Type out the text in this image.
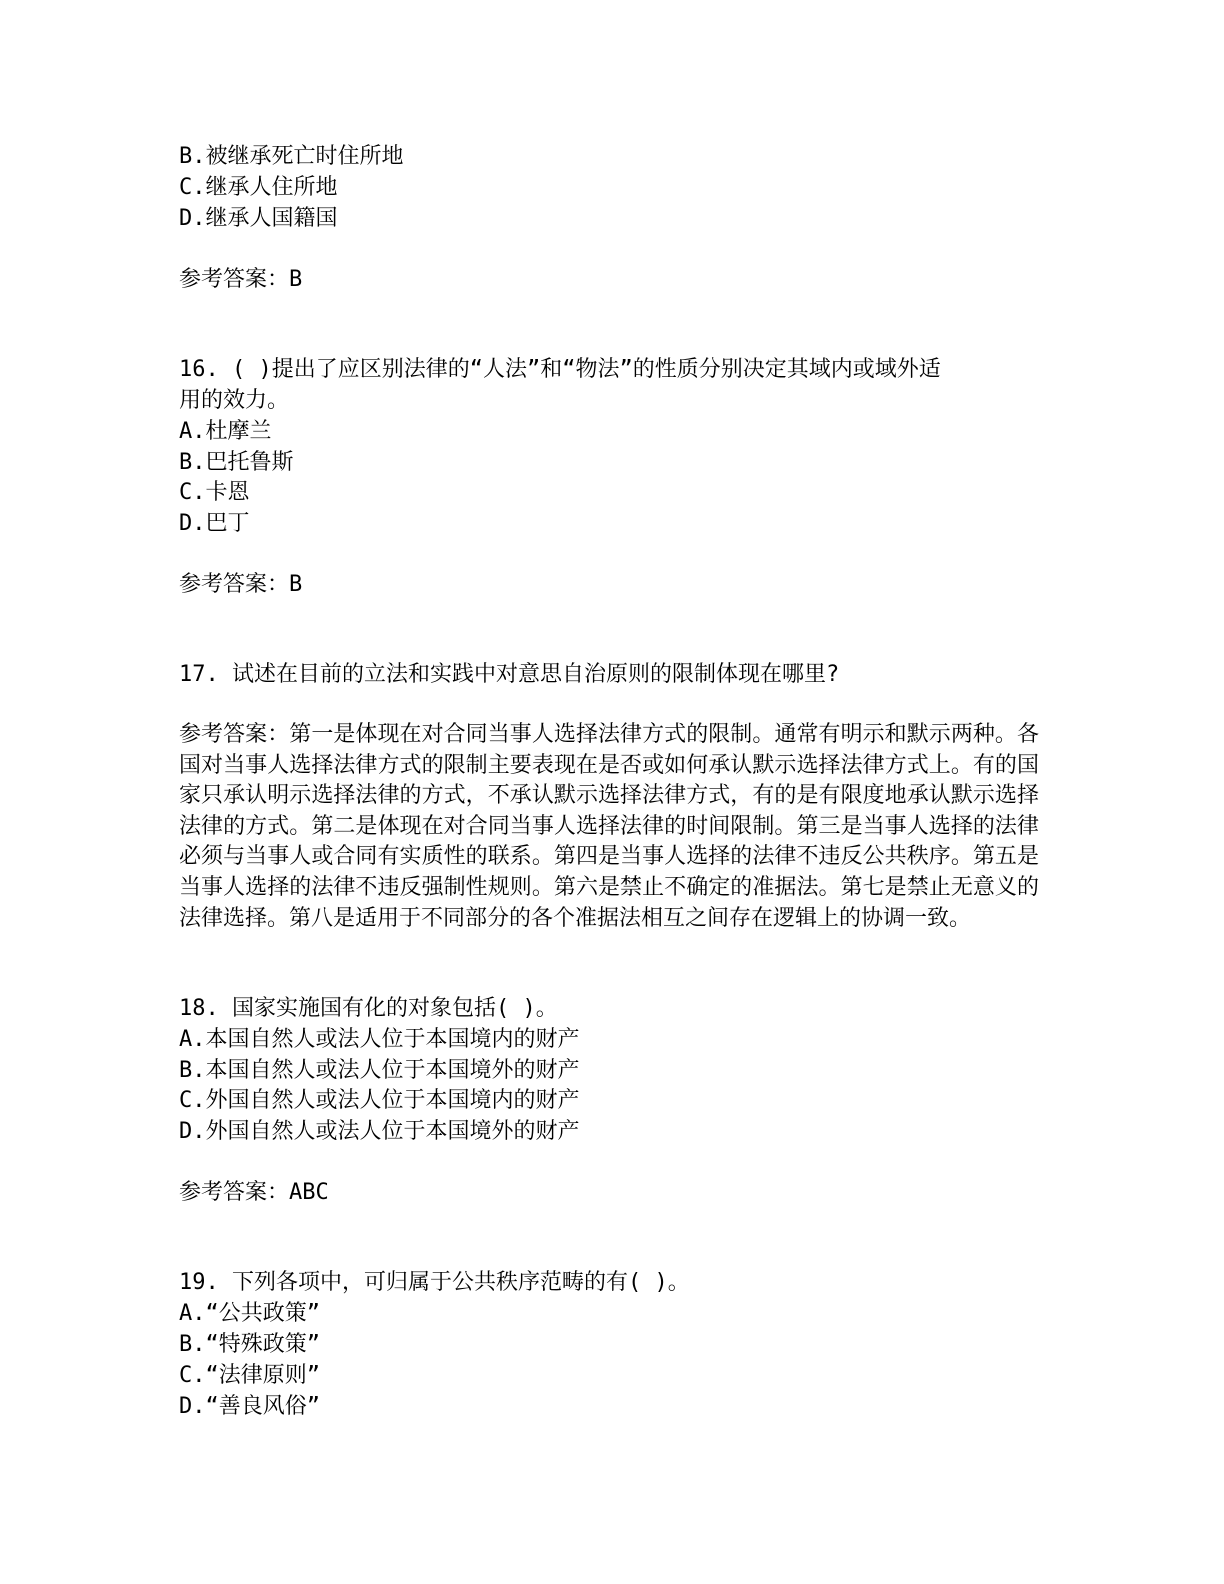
B.被继承死亡时住所地
C.继承人住所地
D.继承人国籍国
参考答案：B
16. ( )提出了应区别法律的“人法”和“物法”的性质分别决定其域内或域外适
用的效力。
A.杜摩兰
B.巴托鲁斯
C.卡恩
D.巴丁
参考答案：B
17. 试述在目前的立法和实践中对意思自治原则的限制体现在哪里?
参考答案：第一是体现在对合同当事人选择法律方式的限制。通常有明示和默示两种。各国对当事人选择法律方式的限制主要表现在是否或如何承认默示选择法律方式上。有的国家只承认明示选择法律的方式，不承认默示选择法律方式，有的是有限度地承认默示选择法律的方式。第二是体现在对合同当事人选择法律的时间限制。第三是当事人选择的法律必须与当事人或合同有实质性的联系。第四是当事人选择的法律不违反公共秩序。第五是当事人选择的法律不违反强制性规则。第六是禁止不确定的准据法。第七是禁止无意义的法律选择。第八是适用于不同部分的各个准据法相互之间存在逻辑上的协调一致。
18. 国家实施国有化的对象包括( )。
A.本国自然人或法人位于本国境内的财产
B.本国自然人或法人位于本国境外的财产
C.外国自然人或法人位于本国境内的财产
D.外国自然人或法人位于本国境外的财产
参考答案：ABC
19. 下列各项中，可归属于公共秩序范畴的有( )。
A.“公共政策”
B.“特殊政策”
C.“法律原则”
D.“善良风俗”
